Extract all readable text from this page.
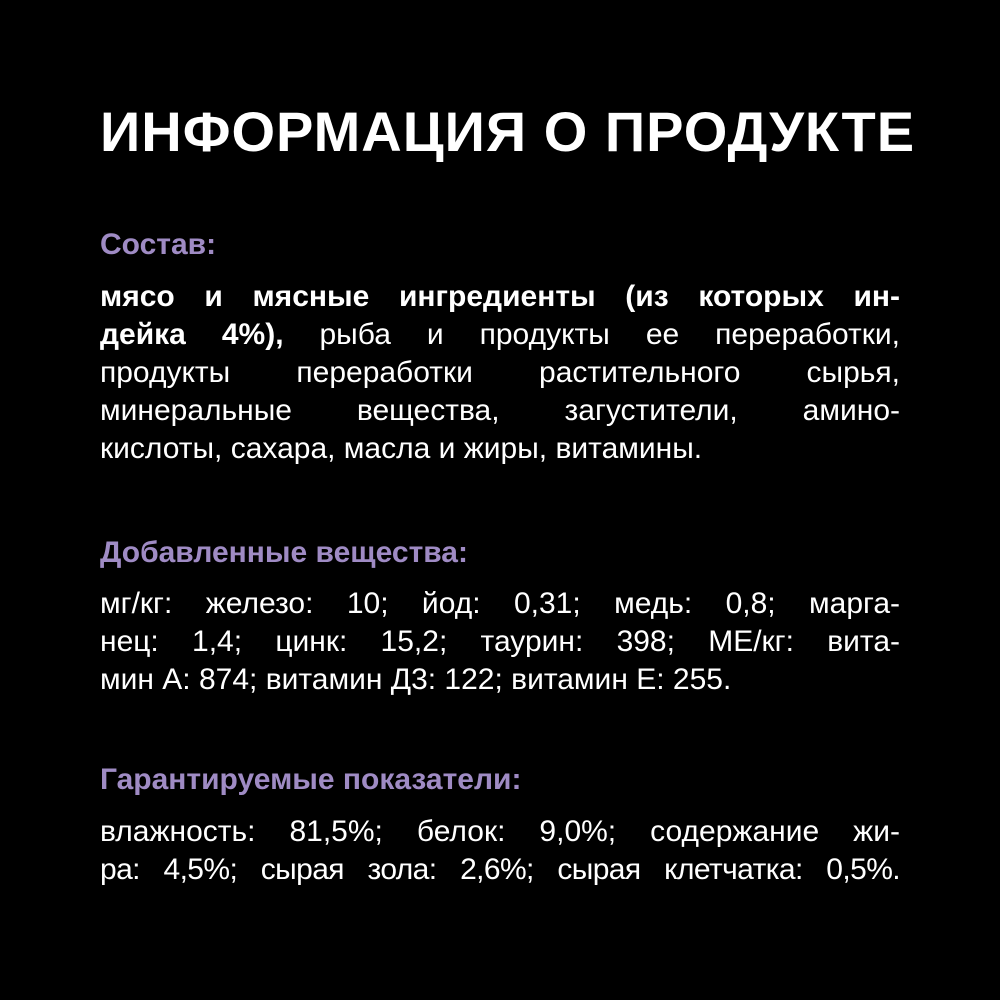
ИНФОРМАЦИЯ О ПРОДУКТЕ
Состав:
мясо и мясные ингредиенты (из которых ин-
дейка 4%), рыба и продукты ее переработки,
продукты переработки растительного сырья,
минеральные вещества, загустители, амино-
кислоты, сахара, масла и жиры, витамины.
Добавленные вещества:
мг/кг: железо: 10; йод: 0,31; медь: 0,8; марга-
нец: 1,4; цинк: 15,2; таурин: 398; МЕ/кг: вита-
мин А: 874; витамин Д3: 122; витамин Е: 255.
Гарантируемые показатели:
влажность: 81,5%; белок: 9,0%; содержание жи-
ра: 4,5%; сырая зола: 2,6%; сырая клетчатка: 0,5%.
